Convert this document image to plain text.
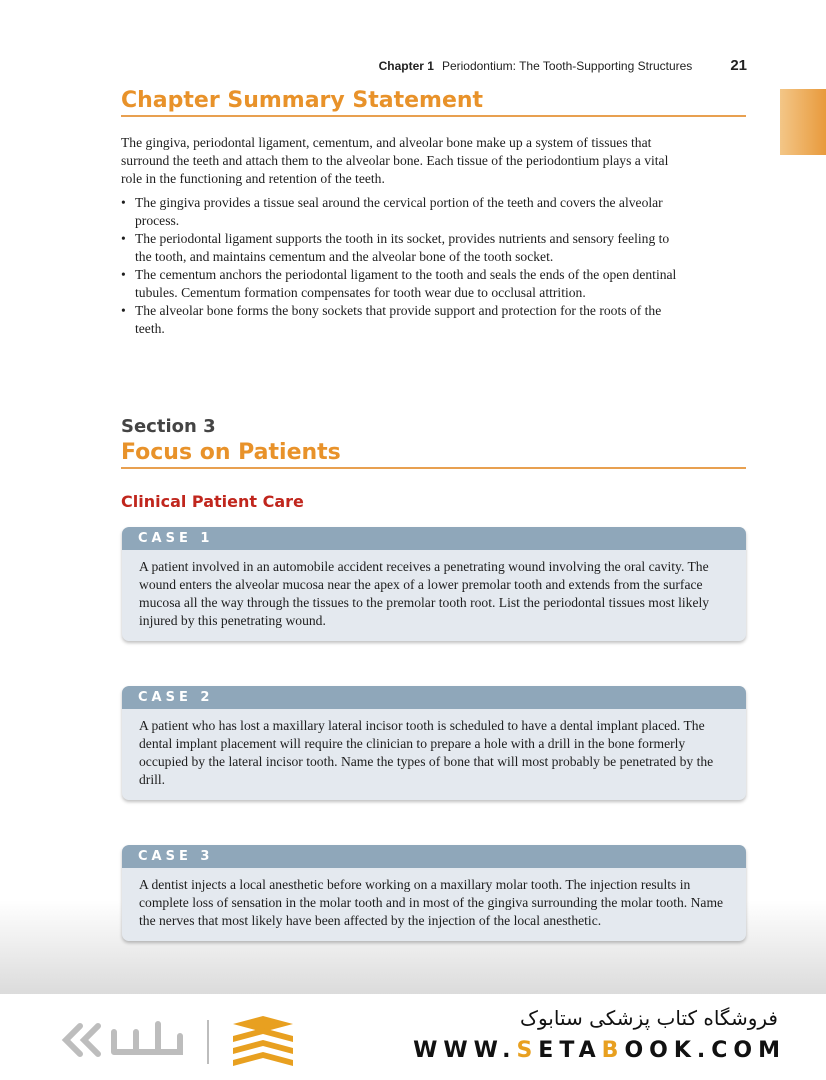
Chapter 1 Periodontium: The Tooth-Supporting Structures	21
Chapter Summary Statement
The gingiva, periodontal ligament, cementum, and alveolar bone make up a system of tissues that surround the teeth and attach them to the alveolar bone. Each tissue of the periodontium plays a vital role in the functioning and retention of the teeth.
• The gingiva provides a tissue seal around the cervical portion of the teeth and covers the alveolar process.
• The periodontal ligament supports the tooth in its socket, provides nutrients and sensory feeling to the tooth, and maintains cementum and the alveolar bone of the tooth socket.
• The cementum anchors the periodontal ligament to the tooth and seals the ends of the open dentinal tubules. Cementum formation compensates for tooth wear due to occlusal attrition.
• The alveolar bone forms the bony sockets that provide support and protection for the roots of the teeth.
Section 3
Focus on Patients
Clinical Patient Care
CASE 1
A patient involved in an automobile accident receives a penetrating wound involving the oral cavity. The wound enters the alveolar mucosa near the apex of a lower premolar tooth and extends from the surface mucosa all the way through the tissues to the premolar tooth root. List the periodontal tissues most likely injured by this penetrating wound.
CASE 2
A patient who has lost a maxillary lateral incisor tooth is scheduled to have a dental implant placed. The dental implant placement will require the clinician to prepare a hole with a drill in the bone formerly occupied by the lateral incisor tooth. Name the types of bone that will most probably be penetrated by the drill.
CASE 3
A dentist injects a local anesthetic before working on a maxillary molar tooth. The injection results in complete loss of sensation in the molar tooth and in most of the gingiva surrounding the molar tooth. Name the nerves that most likely have been affected by the injection of the local anesthetic.
فروشگاه کتاب پزشکی ستابوک
WWW.SETABOOK.COM
